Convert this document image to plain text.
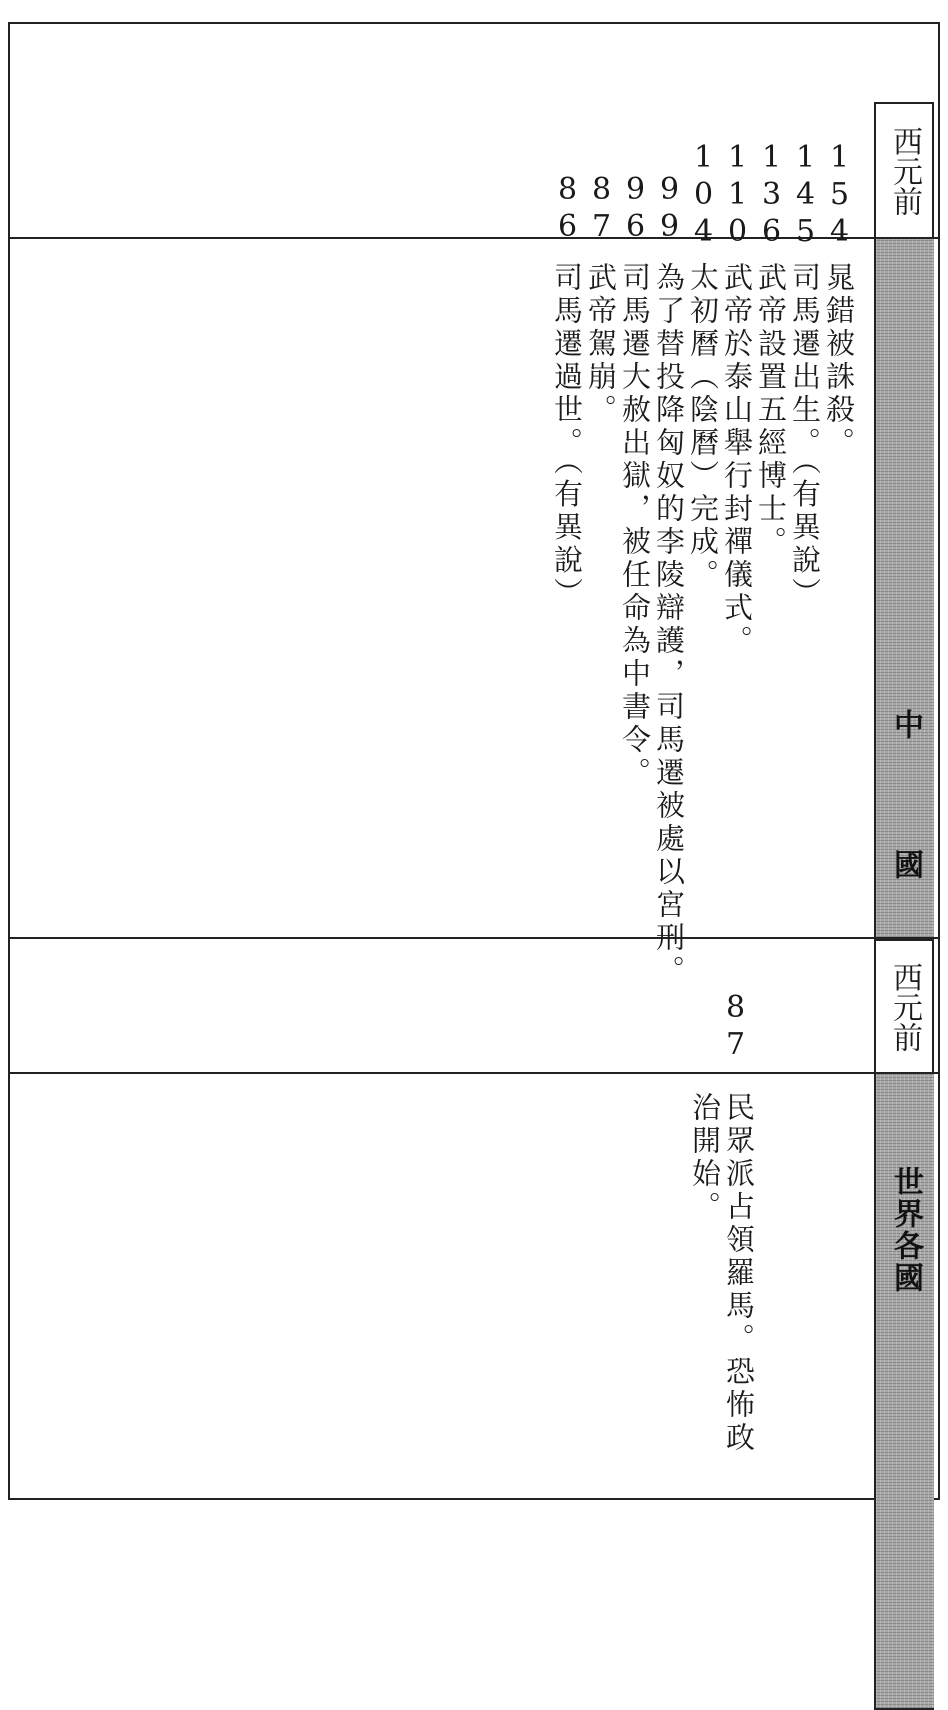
西元前
中　國
西元前
世界各國
154
145
136
110
104
99
96
87
86
晁錯被誅殺。
司馬遷出生。（有異說）
武帝設置五經博士。
武帝於泰山舉行封禪儀式。
太初曆（陰曆）完成。
為了替投降匈奴的李陵辯護，司馬遷被處以宮刑。
司馬遷大赦出獄，被任命為中書令。
武帝駕崩。
司馬遷過世。（有異說）
87
民眾派占領羅馬。恐怖政
治開始。
